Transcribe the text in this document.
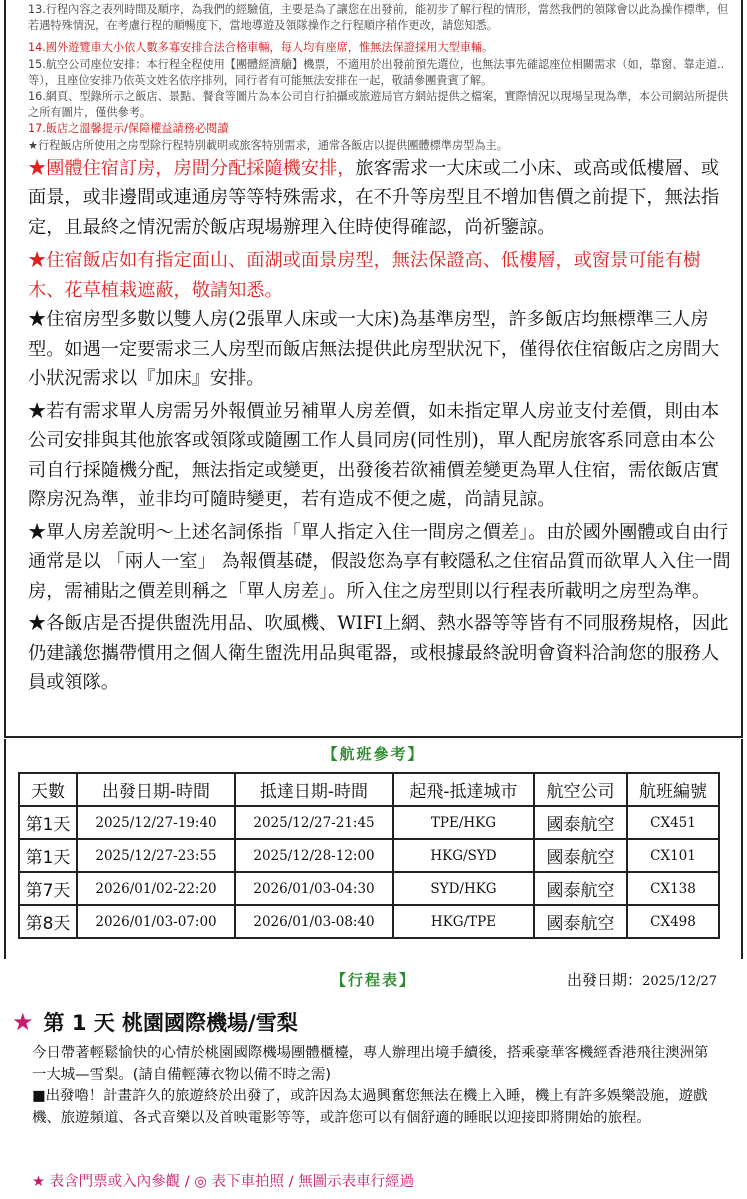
13.行程內容之表列時間及順序，為我們的經驗值，主要是為了讓您在出發前，能初步了解行程的情形，當然我們的領隊會以此為操作標準，但若遇特殊情況，在考慮行程的順暢度下，當地導遊及領隊操作之行程順序稍作更改，請您知悉。
14.國外遊覽車大小依人數多寡安排合法合格車輛，每人均有座席，惟無法保證採用大型車輛。
15.航空公司座位安排：本行程全程使用【團體經濟艙】機票，不適用於出發前預先選位，也無法事先確認座位相關需求（如，靠窗、靠走道..等），且座位安排乃依英文姓名依序排列，同行者有可能無法安排在一起，敬請參團貴賓了解。
16.網頁、型錄所示之飯店、景點、餐食等圖片為本公司自行拍攝或旅遊局官方網站提供之檔案，實際情況以現場呈現為準，本公司網站所提供之所有圖片，僅供參考。
17.飯店之溫馨提示/保障權益請務必閱讀
★行程飯店所使用之房型除行程特別載明或旅客特別需求，通常各飯店以提供團體標準房型為主。

★團體住宿訂房，房間分配採隨機安排，旅客需求一大床或二小床、或高或低樓層、或面景，或非邊間或連通房等等特殊需求，在不升等房型且不增加售價之前提下，無法指定，且最終之情況需於飯店現場辦理入住時使得確認，尚祈鑒諒。

★住宿飯店如有指定面山、面湖或面景房型，無法保證高、低樓層，或窗景可能有樹木、花草植栽遮蔽，敬請知悉。

★住宿房型多數以雙人房(2張單人床或一大床)為基準房型，許多飯店均無標準三人房型。如遇一定要需求三人房型而飯店無法提供此房型狀況下，僅得依住宿飯店之房間大小狀況需求以『加床』安排。

★若有需求單人房需另外報價並另補單人房差價，如未指定單人房並支付差價，則由本公司安排與其他旅客或領隊或隨團工作人員同房(同性別)，單人配房旅客系同意由本公司自行採隨機分配，無法指定或變更，出發後若欲補價差變更為單人住宿，需依飯店實際房況為準，並非均可隨時變更，若有造成不便之處，尚請見諒。

★單人房差說明～上述名詞係指「單人指定入住一間房之價差」。由於國外團體或自由行通常是以 「兩人一室」 為報價基礎，假設您為享有較隱私之住宿品質而欲單人入住一間房，需補貼之價差則稱之「單人房差」。所入住之房型則以行程表所載明之房型為準。

★各飯店是否提供盥洗用品、吹風機、WIFI上網、熱水器等等皆有不同服務規格，因此仍建議您攜帶慣用之個人衛生盥洗用品與電器，或根據最終說明會資料洽詢您的服務人員或領隊。

【航班參考】
天數	出發日期-時間	抵達日期-時間	起飛-抵達城市	航空公司	航班編號
第1天	2025/12/27-19:40	2025/12/27-21:45	TPE/HKG	國泰航空	CX451
第1天	2025/12/27-23:55	2025/12/28-12:00	HKG/SYD	國泰航空	CX101
第7天	2026/01/02-22:20	2026/01/03-04:30	SYD/HKG	國泰航空	CX138
第8天	2026/01/03-07:00	2026/01/03-08:40	HKG/TPE	國泰航空	CX498
【行程表】	出發日期：2025/12/27
★ 第 1 天 桃園國際機場/雪梨

今日帶著輕鬆愉快的心情於桃園國際機場團體櫃檯，專人辦理出境手續後，搭乘豪華客機經香港飛往澳洲第一大城—雪梨。(請自備輕薄衣物以備不時之需)

■出發嚕！計畫許久的旅遊終於出發了，或許因為太過興奮您無法在機上入睡，機上有許多娛樂設施，遊戲機、旅遊頻道、各式音樂以及首映電影等等，或許您可以有個舒適的睡眠以迎接即將開始的旅程。

★ 表含門票或入內參觀 / ◎ 表下車拍照 / 無圖示表車行經過
